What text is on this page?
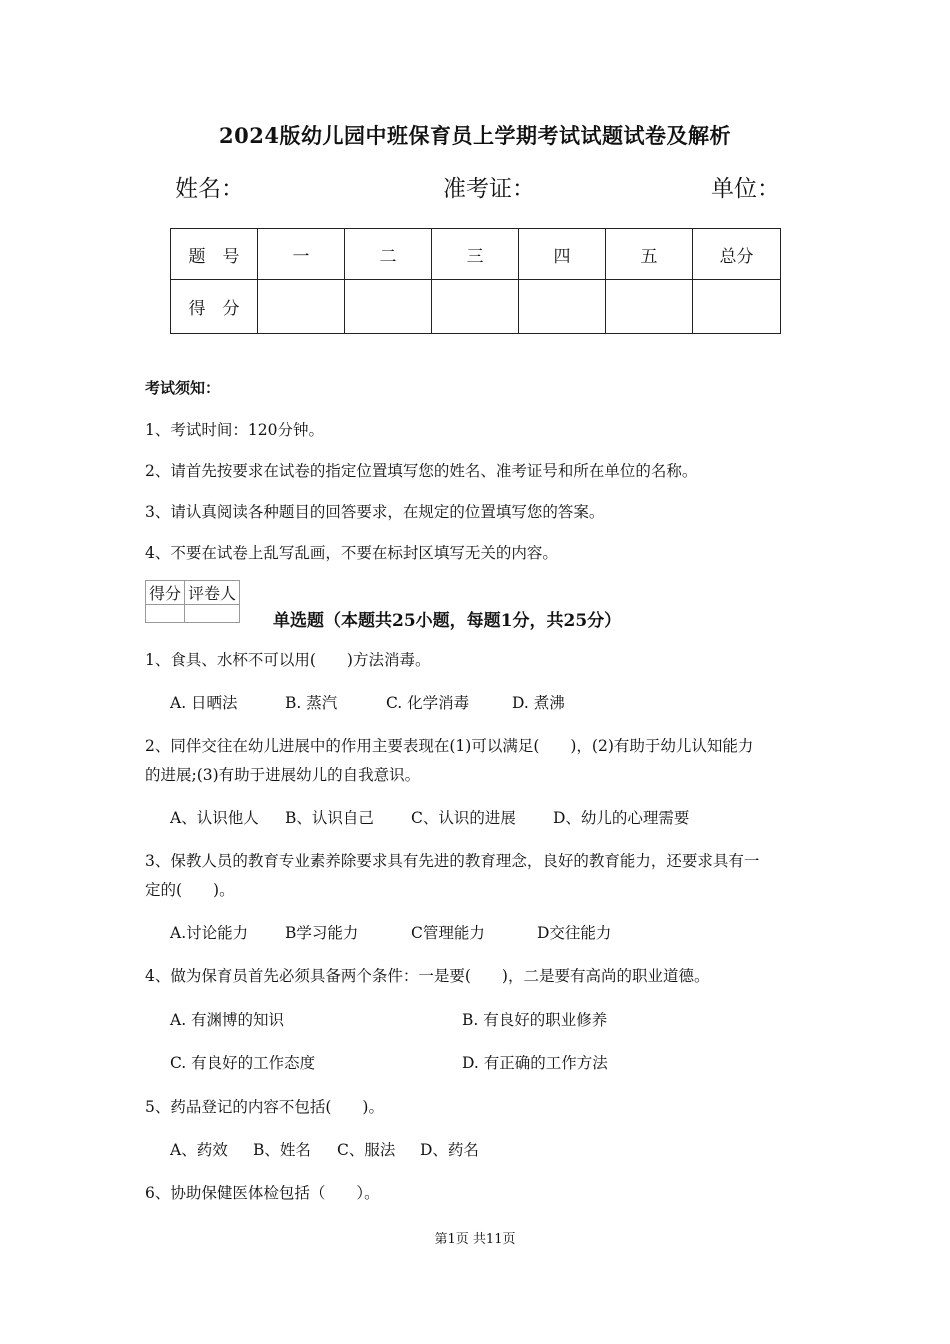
2024版幼儿园中班保育员上学期考试试题试卷及解析
姓名：	准考证：	单位：
题　号	一	二	三	四	五	总分
得　分						
考试须知：
1、考试时间：120分钟。
2、请首先按要求在试卷的指定位置填写您的姓名、准考证号和所在单位的名称。
3、请认真阅读各种题目的回答要求，在规定的位置填写您的答案。
4、不要在试卷上乱写乱画，不要在标封区填写无关的内容。
得分	评卷人

单选题（本题共25小题，每题1分，共25分）
1、食具、水杯不可以用(　　)方法消毒。
A. 日晒法	B. 蒸汽	C. 化学消毒	D. 煮沸
2、同伴交往在幼儿进展中的作用主要表现在(1)可以满足(　　)，(2)有助于幼儿认知能力
的进展;(3)有助于进展幼儿的自我意识。
A、认识他人 B、认识自己 C、认识的进展 D、幼儿的心理需要
3、保教人员的教育专业素养除要求具有先进的教育理念，良好的教育能力，还要求具有一
定的(　　)。
A.讨论能力 B学习能力	C管理能力	D交往能力
4、做为保育员首先必须具备两个条件：一是要(　　)，二是要有高尚的职业道德。
A. 有渊博的知识	B. 有良好的职业修养
C. 有良好的工作态度	D. 有正确的工作方法
5、药品登记的内容不包括(　　)。
A、药效 B、姓名 C、服法 D、药名
6、协助保健医体检包括（　　）。
第1页 共11页
